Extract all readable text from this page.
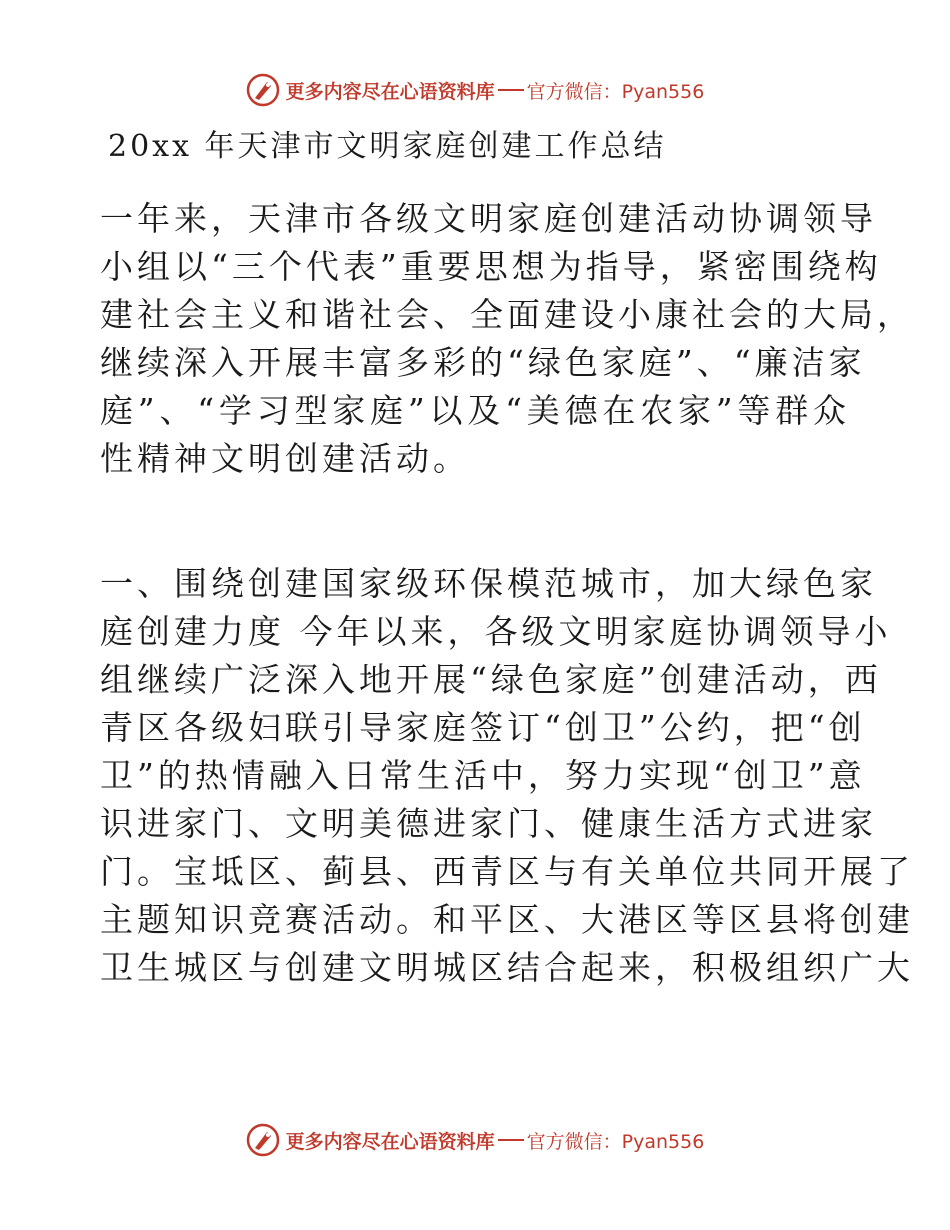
更多内容尽在心语资料库 官方微信：Pyan556
20xx 年天津市文明家庭创建工作总结
一年来，天津市各级文明家庭创建活动协调领导
小组以“三个代表”重要思想为指导，紧密围绕构
建社会主义和谐社会、全面建设小康社会的大局，
继续深入开展丰富多彩的“绿色家庭”、“廉洁家
庭”、“学习型家庭”以及“美德在农家”等群众
性精神文明创建活动。
一、围绕创建国家级环保模范城市，加大绿色家
庭创建力度 今年以来，各级文明家庭协调领导小
组继续广泛深入地开展“绿色家庭”创建活动，西
青区各级妇联引导家庭签订“创卫”公约，把“创
卫”的热情融入日常生活中，努力实现“创卫”意
识进家门、文明美德进家门、健康生活方式进家
门。宝坻区、蓟县、西青区与有关单位共同开展了
主题知识竞赛活动。和平区、大港区等区县将创建
卫生城区与创建文明城区结合起来，积极组织广大
更多内容尽在心语资料库 官方微信：Pyan556
